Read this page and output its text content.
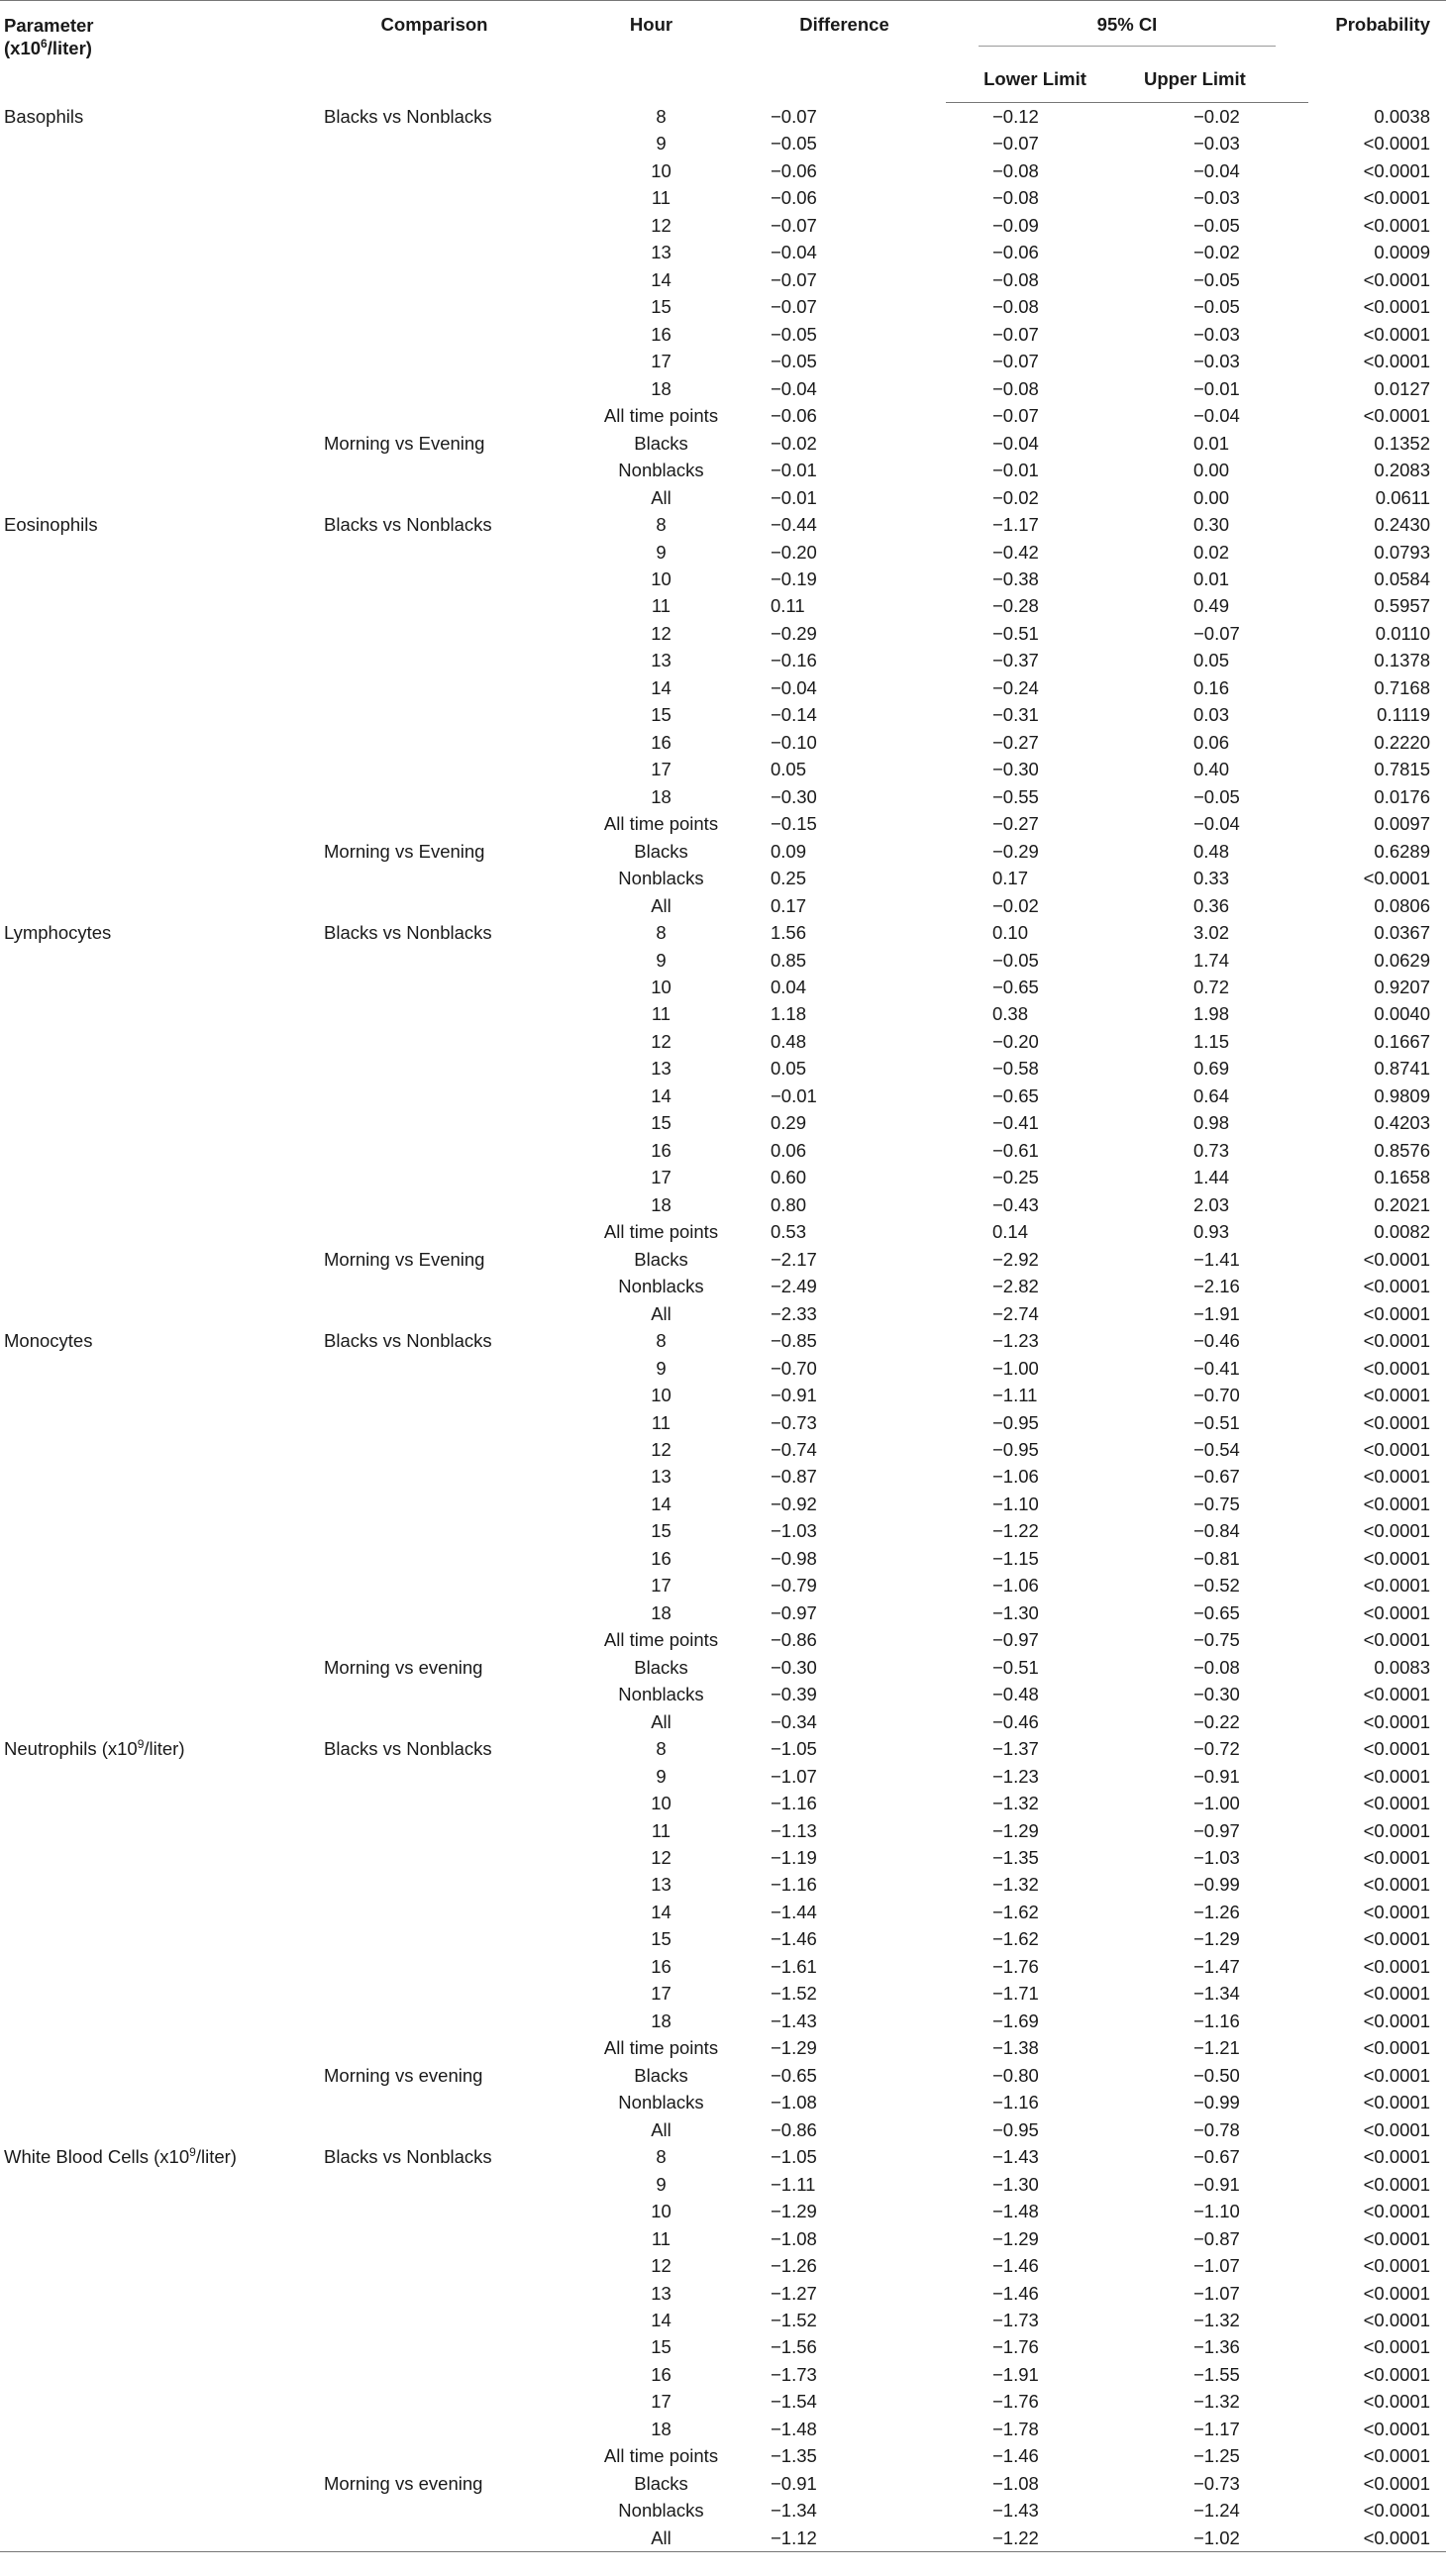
Parameter
$(x10^6/liter)$	Comparison	Hour	Difference	95% CI		Probability
				Lower Limit	Upper Limit	
Basophils	Blacks vs Nonblacks	8	−0.07	−0.12	−0.02	0.0038
		9	−0.05	−0.07	−0.03	<0.0001
		10	−0.06	−0.08	−0.04	<0.0001
		11	−0.06	−0.08	−0.03	<0.0001
		12	−0.07	−0.09	−0.05	<0.0001
		13	−0.04	−0.06	−0.02	0.0009
		14	−0.07	−0.08	−0.05	<0.0001
		15	−0.07	−0.08	−0.05	<0.0001
		16	−0.05	−0.07	−0.03	<0.0001
		17	−0.05	−0.07	−0.03	<0.0001
		18	−0.04	−0.08	−0.01	0.0127
		All time points	−0.06	−0.07	−0.04	<0.0001
	Morning vs Evening	Blacks	−0.02	−0.04	0.01	0.1352
		Nonblacks	−0.01	−0.01	0.00	0.2083
		All	−0.01	−0.02	0.00	0.0611
Eosinophils	Blacks vs Nonblacks	8	−0.44	−1.17	0.30	0.2430
		9	−0.20	−0.42	0.02	0.0793
		10	−0.19	−0.38	0.01	0.0584
		11	0.11	−0.28	0.49	0.5957
		12	−0.29	−0.51	−0.07	0.0110
		13	−0.16	−0.37	0.05	0.1378
		14	−0.04	−0.24	0.16	0.7168
		15	−0.14	−0.31	0.03	0.1119
		16	−0.10	−0.27	0.06	0.2220
		17	0.05	−0.30	0.40	0.7815
		18	−0.30	−0.55	−0.05	0.0176
		All time points	−0.15	−0.27	−0.04	0.0097
	Morning vs Evening	Blacks	0.09	−0.29	0.48	0.6289
		Nonblacks	0.25	0.17	0.33	<0.0001
		All	0.17	−0.02	0.36	0.0806
Lymphocytes	Blacks vs Nonblacks	8	1.56	0.10	3.02	0.0367
		9	0.85	−0.05	1.74	0.0629
		10	0.04	−0.65	0.72	0.9207
		11	1.18	0.38	1.98	0.0040
		12	0.48	−0.20	1.15	0.1667
		13	0.05	−0.58	0.69	0.8741
		14	−0.01	−0.65	0.64	0.9809
		15	0.29	−0.41	0.98	0.4203
		16	0.06	−0.61	0.73	0.8576
		17	0.60	−0.25	1.44	0.1658
		18	0.80	−0.43	2.03	0.2021
		All time points	0.53	0.14	0.93	0.0082
	Morning vs Evening	Blacks	−2.17	−2.92	−1.41	<0.0001
		Nonblacks	−2.49	−2.82	−2.16	<0.0001
		All	−2.33	−2.74	−1.91	<0.0001
Monocytes	Blacks vs Nonblacks	8	−0.85	−1.23	−0.46	<0.0001
		9	−0.70	−1.00	−0.41	<0.0001
		10	−0.91	−1.11	−0.70	<0.0001
		11	−0.73	−0.95	−0.51	<0.0001
		12	−0.74	−0.95	−0.54	<0.0001
		13	−0.87	−1.06	−0.67	<0.0001
		14	−0.92	−1.10	−0.75	<0.0001
		15	−1.03	−1.22	−0.84	<0.0001
		16	−0.98	−1.15	−0.81	<0.0001
		17	−0.79	−1.06	−0.52	<0.0001
		18	−0.97	−1.30	−0.65	<0.0001
		All time points	−0.86	−0.97	−0.75	<0.0001
	Morning vs evening	Blacks	−0.30	−0.51	−0.08	0.0083
		Nonblacks	−0.39	−0.48	−0.30	<0.0001
		All	−0.34	−0.46	−0.22	<0.0001
Neutrophils $(x10^9/liter)$	Blacks vs Nonblacks	8	−1.05	−1.37	−0.72	<0.0001
		9	−1.07	−1.23	−0.91	<0.0001
		10	−1.16	−1.32	−1.00	<0.0001
		11	−1.13	−1.29	−0.97	<0.0001
		12	−1.19	−1.35	−1.03	<0.0001
		13	−1.16	−1.32	−0.99	<0.0001
		14	−1.44	−1.62	−1.26	<0.0001
		15	−1.46	−1.62	−1.29	<0.0001
		16	−1.61	−1.76	−1.47	<0.0001
		17	−1.52	−1.71	−1.34	<0.0001
		18	−1.43	−1.69	−1.16	<0.0001
		All time points	−1.29	−1.38	−1.21	<0.0001
	Morning vs evening	Blacks	−0.65	−0.80	−0.50	<0.0001
		Nonblacks	−1.08	−1.16	−0.99	<0.0001
		All	−0.86	−0.95	−0.78	<0.0001
White Blood Cells $(x10^9/liter)$	Blacks vs Nonblacks	8	−1.05	−1.43	−0.67	<0.0001
		9	−1.11	−1.30	−0.91	<0.0001
		10	−1.29	−1.48	−1.10	<0.0001
		11	−1.08	−1.29	−0.87	<0.0001
		12	−1.26	−1.46	−1.07	<0.0001
		13	−1.27	−1.46	−1.07	<0.0001
		14	−1.52	−1.73	−1.32	<0.0001
		15	−1.56	−1.76	−1.36	<0.0001
		16	−1.73	−1.91	−1.55	<0.0001
		17	−1.54	−1.76	−1.32	<0.0001
		18	−1.48	−1.78	−1.17	<0.0001
		All time points	−1.35	−1.46	−1.25	<0.0001
	Morning vs evening	Blacks	−0.91	−1.08	−0.73	<0.0001
		Nonblacks	−1.34	−1.43	−1.24	<0.0001
		All	−1.12	−1.22	−1.02	<0.0001
